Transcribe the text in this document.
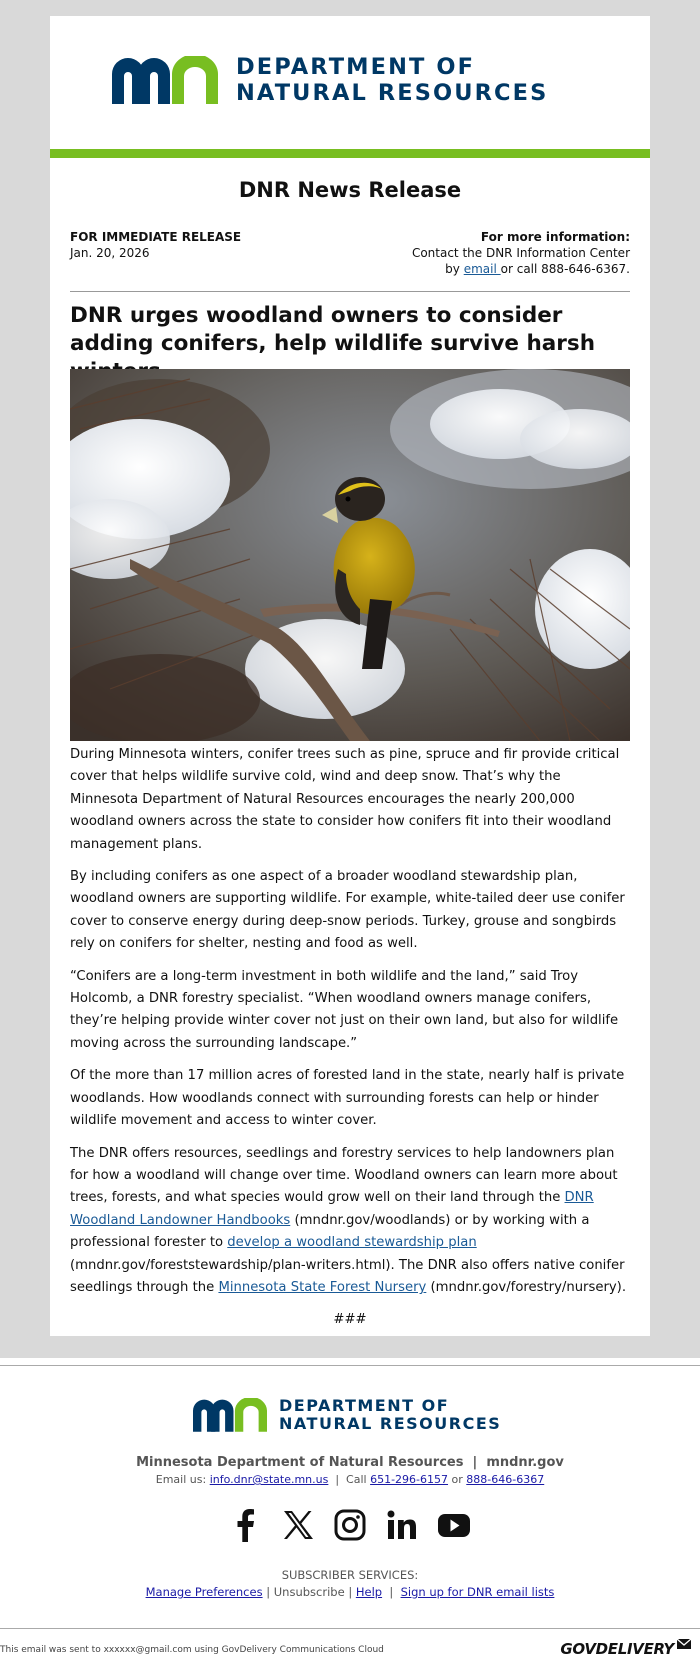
DEPARTMENT OF
NATURAL RESOURCES
DNR News Release
FOR IMMEDIATE RELEASE
Jan. 20, 2026
For more information:
Contact the DNR Information Center
by email or call 888-646-6367.
DNR urges woodland owners to consider adding conifers, help wildlife survive harsh

During Minnesota winters, conifer trees such as pine, spruce and fir provide critical cover that helps wildlife survive cold, wind and deep snow. That’s why the Minnesota Department of Natural Resources encourages the nearly 200,000 woodland owners across the state to consider how conifers fit into their woodland management plans.

By including conifers as one aspect of a broader woodland stewardship plan, woodland owners are supporting wildlife. For example, white-tailed deer use conifer cover to conserve energy during deep-snow periods. Turkey, grouse and songbirds rely on conifers for shelter, nesting and food as well.

“Conifers are a long-term investment in both wildlife and the land,” said Troy Holcomb, a DNR forestry specialist. “When woodland owners manage conifers, they’re helping provide winter cover not just on their own land, but also for wildlife moving across the surrounding landscape.”

Of the more than 17 million acres of forested land in the state, nearly half is private woodlands. How woodlands connect with surrounding forests can help or hinder wildlife movement and access to winter cover.

The DNR offers resources, seedlings and forestry services to help landowners plan for how a woodland will change over time. Woodland owners can learn more about trees, forests, and what species would grow well on their land through the DNR Woodland Landowner Handbooks (mndnr.gov/woodlands) or by working with a professional forester to develop a woodland stewardship plan (mndnr.gov/foreststewardship/plan-writers.html). The DNR also offers native conifer seedlings through the Minnesota State Forest Nursery (mndnr.gov/forestry/nursery).

###
DEPARTMENT OF
NATURAL RESOURCES
Minnesota Department of Natural Resources  |  mndnr.gov
Email us: info.dnr@state.mn.us  |  Call 651-296-6157 or 888-646-6367
SUBSCRIBER SERVICES:
Manage Preferences | Unsubscribe | Help  |  Sign up for DNR email lists
This email was sent to xxxxxx@gmail.com using GovDelivery Communications Cloud	GOVDELIVERY
